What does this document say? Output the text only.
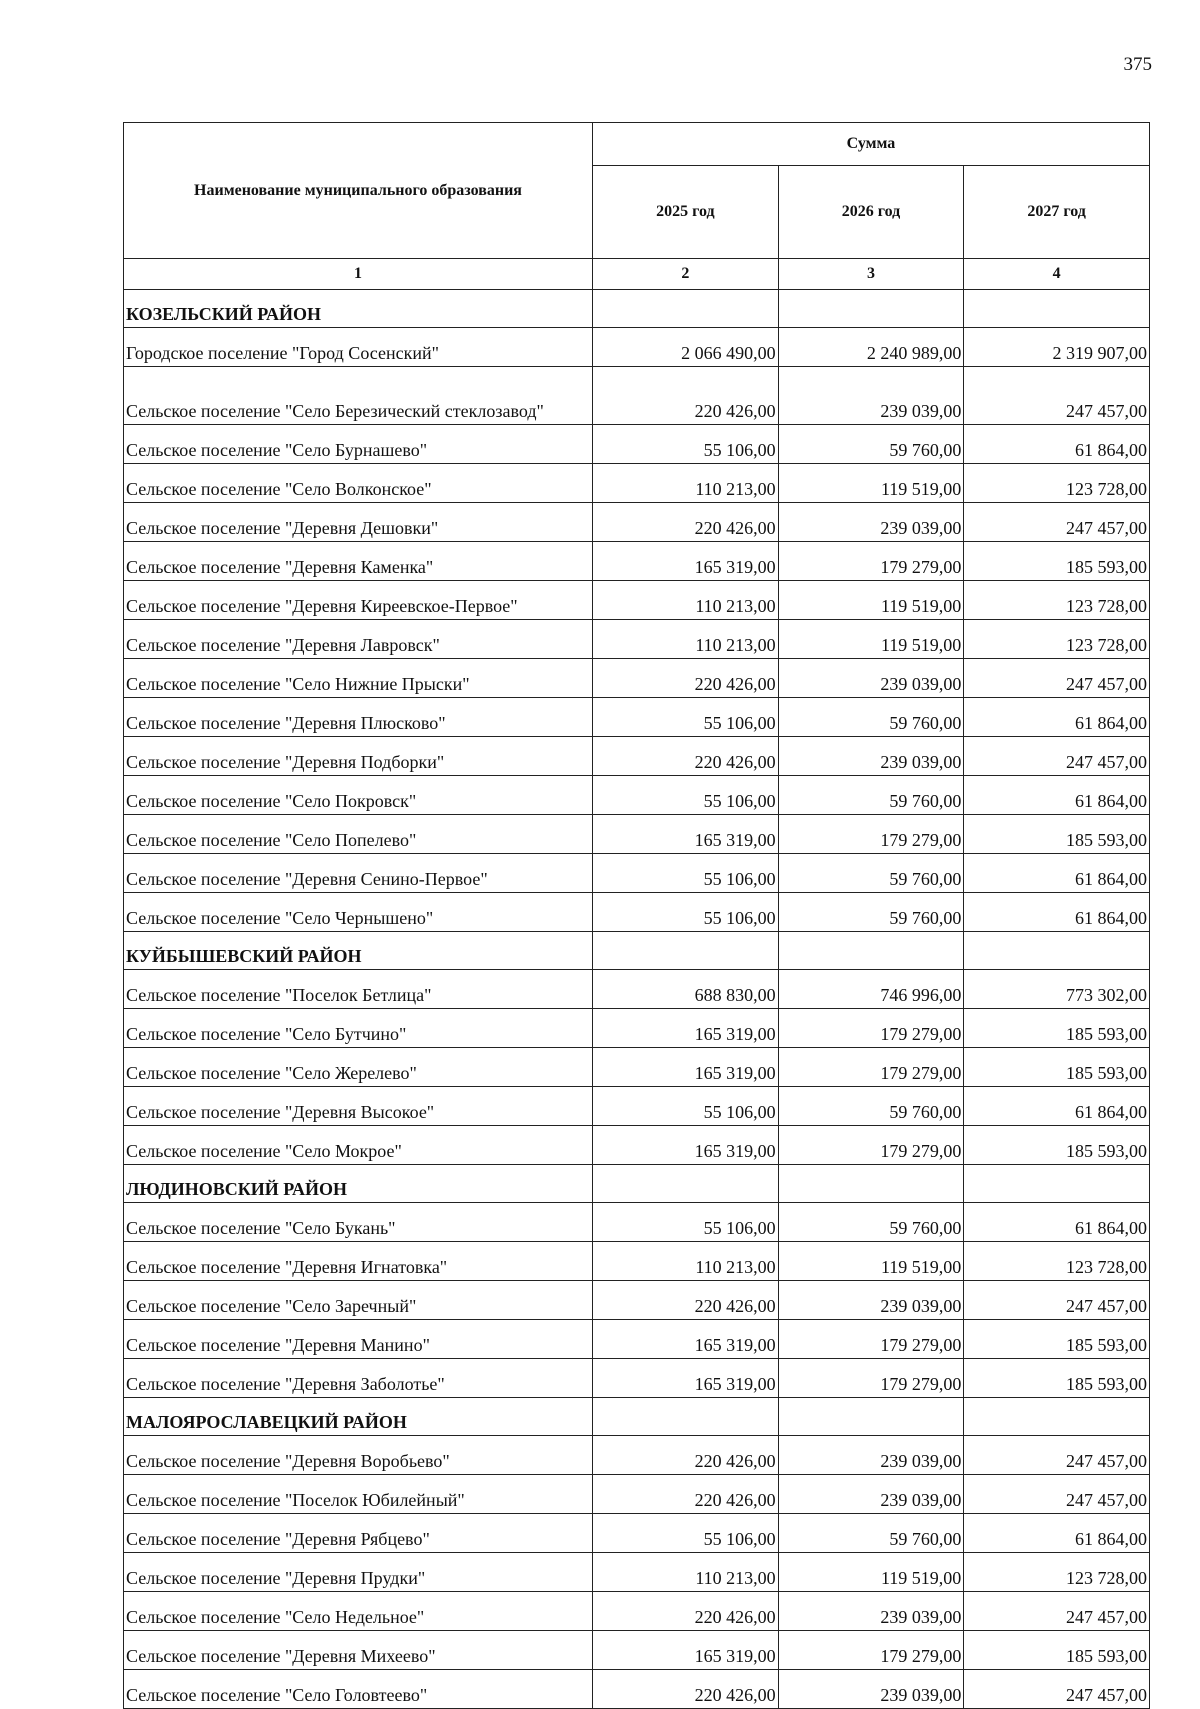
375
Наименование муниципального образования	Сумма		
	2025 год	2026 год	2027 год
1	2	3	4
КОЗЕЛЬСКИЙ РАЙОН			
Городское поселение "Город Сосенский"	2 066 490,00	2 240 989,00	2 319 907,00
Сельское поселение "Село Березичеcкий стеклозавод"	220 426,00	239 039,00	247 457,00
Сельское поселение "Село Бурнашево"	55 106,00	59 760,00	61 864,00
Сельское поселение "Село Волконское"	110 213,00	119 519,00	123 728,00
Сельское поселение "Деревня Дешовки"	220 426,00	239 039,00	247 457,00
Сельское поселение "Деревня Каменка"	165 319,00	179 279,00	185 593,00
Сельское поселение "Деревня Киреевское-Первое"	110 213,00	119 519,00	123 728,00
Сельское поселение "Деревня Лавровск"	110 213,00	119 519,00	123 728,00
Сельское поселение "Село Нижние Прыски"	220 426,00	239 039,00	247 457,00
Сельское поселение "Деревня Плюсково"	55 106,00	59 760,00	61 864,00
Сельское поселение "Деревня Подборки"	220 426,00	239 039,00	247 457,00
Сельское поселение "Село Покровск"	55 106,00	59 760,00	61 864,00
Сельское поселение "Село Попелево"	165 319,00	179 279,00	185 593,00
Сельское поселение "Деревня Сенино-Первое"	55 106,00	59 760,00	61 864,00
Сельское поселение "Село Чернышено"	55 106,00	59 760,00	61 864,00
КУЙБЫШЕВСКИЙ РАЙОН			
Сельское поселение "Поселок Бетлица"	688 830,00	746 996,00	773 302,00
Сельское поселение "Село Бутчино"	165 319,00	179 279,00	185 593,00
Сельское поселение "Село Жерелево"	165 319,00	179 279,00	185 593,00
Сельское поселение "Деревня Высокое"	55 106,00	59 760,00	61 864,00
Сельское поселение "Село Мокрое"	165 319,00	179 279,00	185 593,00
ЛЮДИНОВСКИЙ РАЙОН			
Сельское поселение "Село Букань"	55 106,00	59 760,00	61 864,00
Сельское поселение "Деревня Игнатовка"	110 213,00	119 519,00	123 728,00
Сельское поселение "Село Заречный"	220 426,00	239 039,00	247 457,00
Сельское поселение "Деревня Манино"	165 319,00	179 279,00	185 593,00
Сельское поселение "Деревня Заболотье"	165 319,00	179 279,00	185 593,00
МАЛОЯРОСЛАВЕЦКИЙ РАЙОН			
Сельское поселение "Деревня Воробьево"	220 426,00	239 039,00	247 457,00
Сельское поселение "Поселок Юбилейный"	220 426,00	239 039,00	247 457,00
Сельское поселение "Деревня Рябцево"	55 106,00	59 760,00	61 864,00
Сельское поселение "Деревня Прудки"	110 213,00	119 519,00	123 728,00
Сельское поселение "Село Недельное"	220 426,00	239 039,00	247 457,00
Сельское поселение "Деревня Михеево"	165 319,00	179 279,00	185 593,00
Сельское поселение "Село Головтеево"	220 426,00	239 039,00	247 457,00
